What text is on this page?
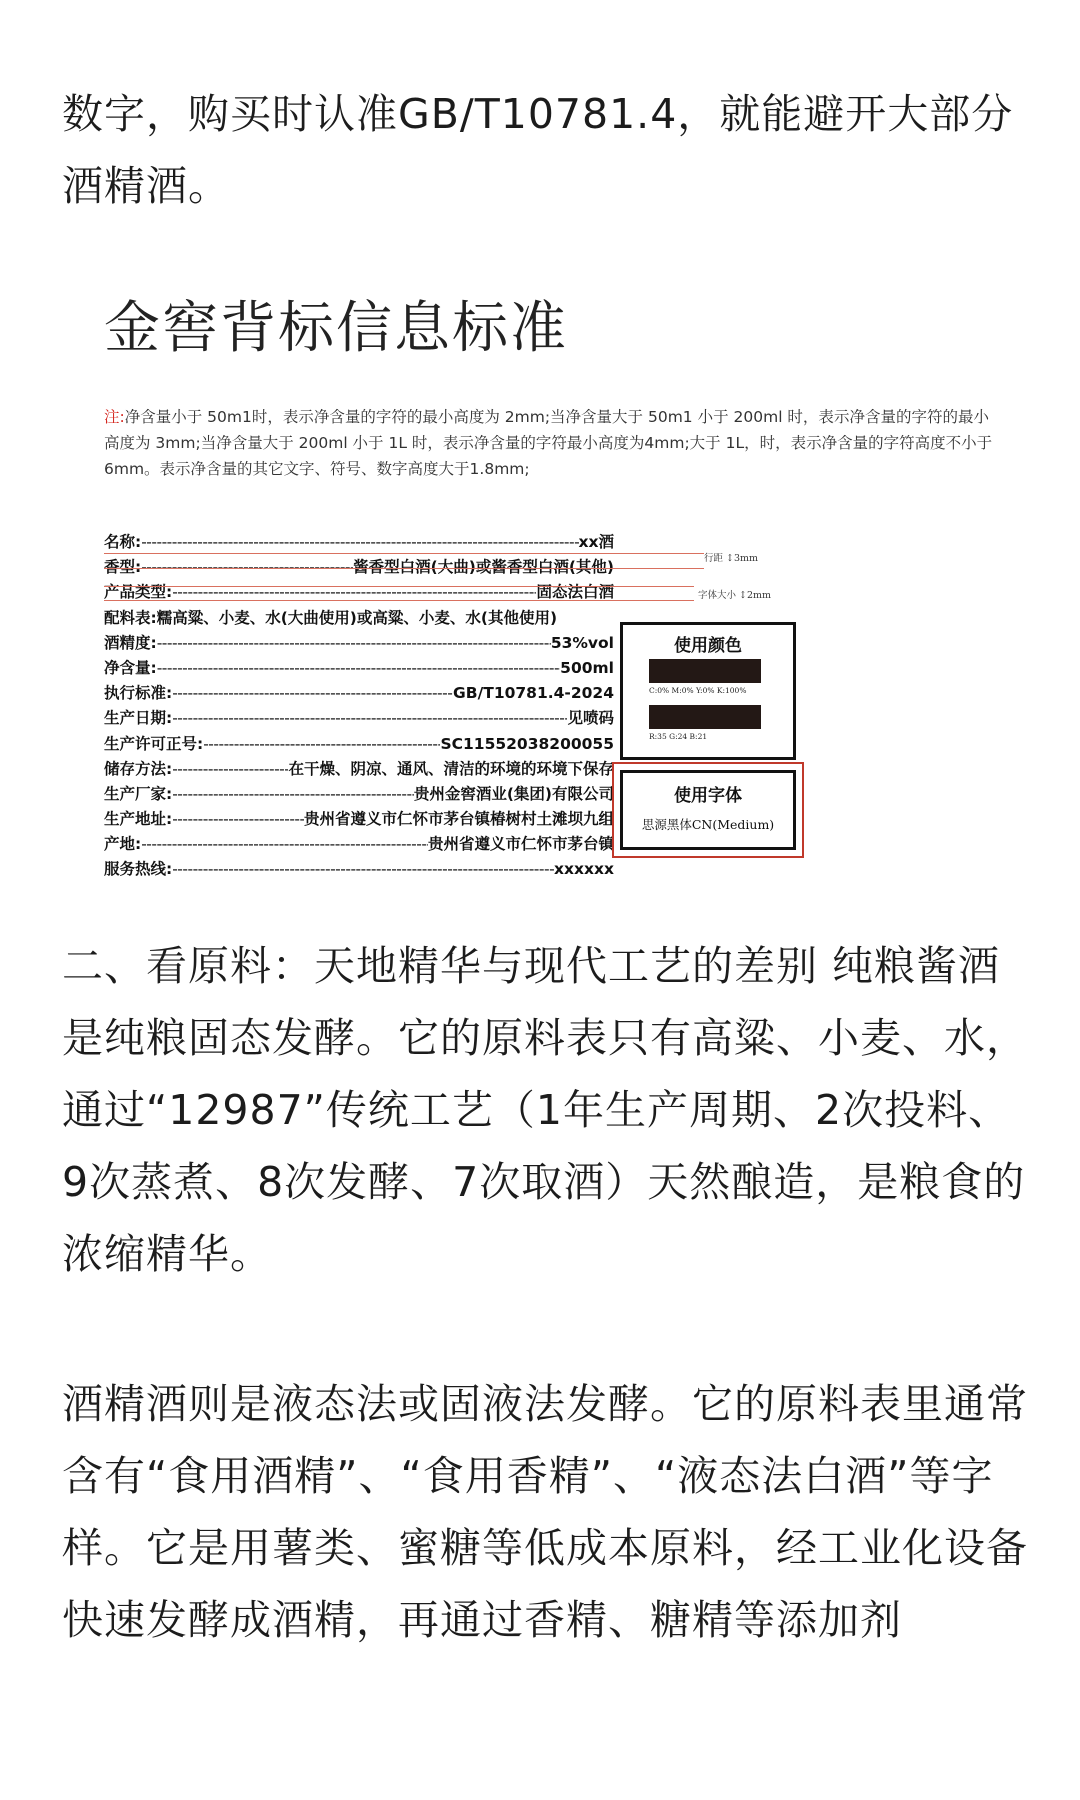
数字，购买时认准GB/T10781.4，就能避开大部分酒精酒。

金窖背标信息标准
注:净含量小于 50m1时，表示净含量的字符的最小高度为 2mm;当净含量大于 50m1 小于 200ml 时，表示净含量的字符的最小高度为 3mm;当净含量大于 200ml 小于 1L 时，表示净含量的字符最小高度为4mm;大于 1L，时，表示净含量的字符高度不小于 6mm。表示净含量的其它文字、符号、数字高度大于1.8mm;
名称: -----	xx酒
香型: -----	酱香型白酒(大曲)或酱香型白酒(其他)
产品类型: -----	固态法白酒
配料表: 糯高粱、小麦、水(大曲使用)或高粱、小麦、水(其他使用)
酒精度: -----	53%vol
净含量: -----	500ml
执行标准: -----	GB/T10781.4-2024
生产日期: -----	见喷码
生产许可正号: -----	SC11552038200055
储存方法: -----	在干燥、阴凉、通风、清洁的环境的环境下保存
生产厂家: -----	贵州金窖酒业(集团)有限公司
生产地址: -----	贵州省遵义市仁怀市茅台镇椿树村土滩坝九组
产地: -----	贵州省遵义市仁怀市茅台镇
服务热线: -----	xxxxxx
行距 ↕3mm
字体大小 ↕2mm
使用颜色
C:0% M:0% Y:0% K:100%
R:35 G:24 B:21
使用字体
思源黑体CN(Medium)

二、看原料：天地精华与现代工艺的差别 纯粮酱酒是纯粮固态发酵。它的原料表只有高粱、小麦、水，通过“12987”传统工艺（1年生产周期、2次投料、9次蒸煮、8次发酵、7次取酒）天然酿造，是粮食的浓缩精华。

酒精酒则是液态法或固液法发酵。它的原料表里通常含有“食用酒精”、“食用香精”、“液态法白酒”等字样。它是用薯类、蜜糖等低成本原料，经工业化设备快速发酵成酒精，再通过香精、糖精等添加剂
